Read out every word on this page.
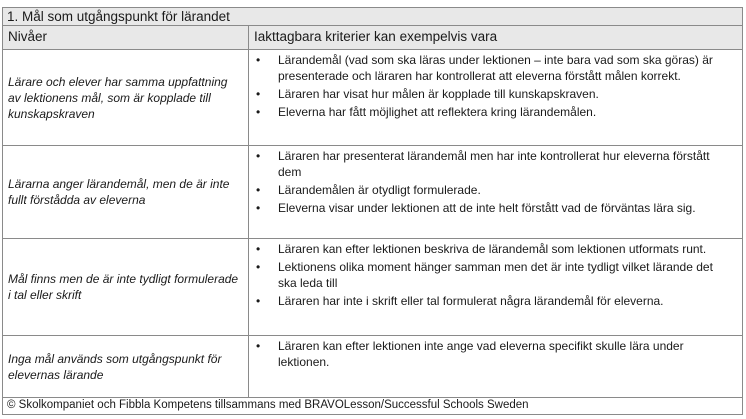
1. Mål som utgångspunkt för lärandet
Nivåer	Iakttagbara kriterier kan exempelvis vara
Lärare och elever har samma uppfattning av lektionens mål, som är kopplade till kunskapskraven
• Lärandemål (vad som ska läras under lektionen – inte bara vad som ska göras) är presenterade och läraren har kontrollerat att eleverna förstått målen korrekt.
• Läraren har visat hur målen är kopplade till kunskapskraven.
• Eleverna har fått möjlighet att reflektera kring lärandemålen.
Lärarna anger lärandemål, men de är inte fullt förstådda av eleverna
• Läraren har presenterat lärandemål men har inte kontrollerat hur eleverna förstått dem
• Lärandemålen är otydligt formulerade.
• Eleverna visar under lektionen att de inte helt förstått vad de förväntas lära sig.
Mål finns men de är inte tydligt formulerade i tal eller skrift
• Läraren kan efter lektionen beskriva de lärandemål som lektionen utformats runt.
• Lektionens olika moment hänger samman men det är inte tydligt vilket lärande det ska leda till
• Läraren har inte i skrift eller tal formulerat några lärandemål för eleverna.
Inga mål används som utgångspunkt för elevernas lärande
• Läraren kan efter lektionen inte ange vad eleverna specifikt skulle lära under lektionen.
© Skolkompaniet och Fibbla Kompetens tillsammans med BRAVOLesson/Successful Schools Sweden
